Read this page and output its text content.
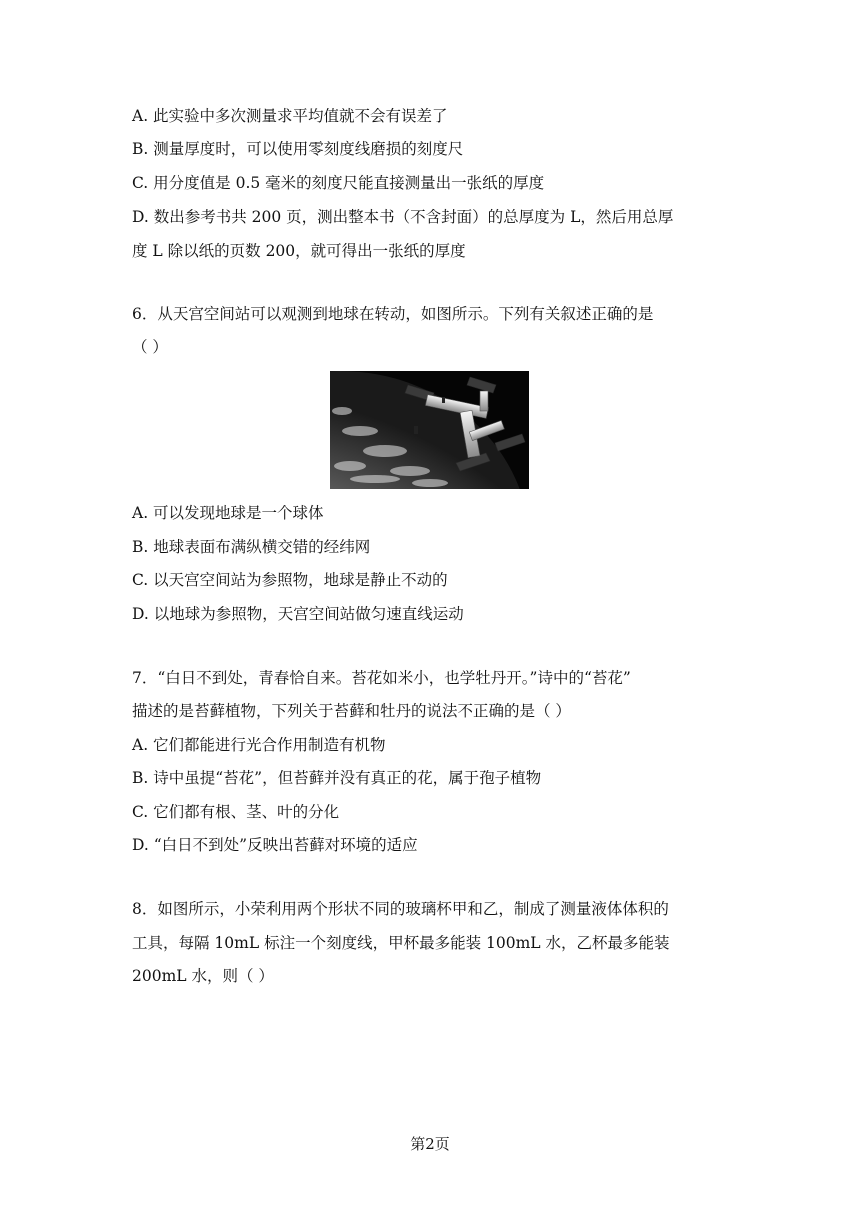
A. 此实验中多次测量求平均值就不会有误差了
B. 测量厚度时，可以使用零刻度线磨损的刻度尺
C. 用分度值是 0.5 毫米的刻度尺能直接测量出一张纸的厚度
D. 数出参考书共 200 页，测出整本书（不含封面）的总厚度为 L，然后用总厚
度 L 除以纸的页数 200，就可得出一张纸的厚度
6．从天宫空间站可以观测到地球在转动，如图所示。下列有关叙述正确的是
（ ）
A. 可以发现地球是一个球体
B. 地球表面布满纵横交错的经纬网
C. 以天宫空间站为参照物，地球是静止不动的
D. 以地球为参照物，天宫空间站做匀速直线运动
7．“白日不到处，青春恰自来。苔花如米小，也学牡丹开。”诗中的“苔花”
描述的是苔藓植物，下列关于苔藓和牡丹的说法不正确的是（ ）
A. 它们都能进行光合作用制造有机物
B. 诗中虽提“苔花”，但苔藓并没有真正的花，属于孢子植物
C. 它们都有根、茎、叶的分化
D. “白日不到处”反映出苔藓对环境的适应
8．如图所示，小荣利用两个形状不同的玻璃杯甲和乙，制成了测量液体体积的
工具，每隔 10mL 标注一个刻度线，甲杯最多能装 100mL 水，乙杯最多能装
200mL 水，则（ ）
第2页
